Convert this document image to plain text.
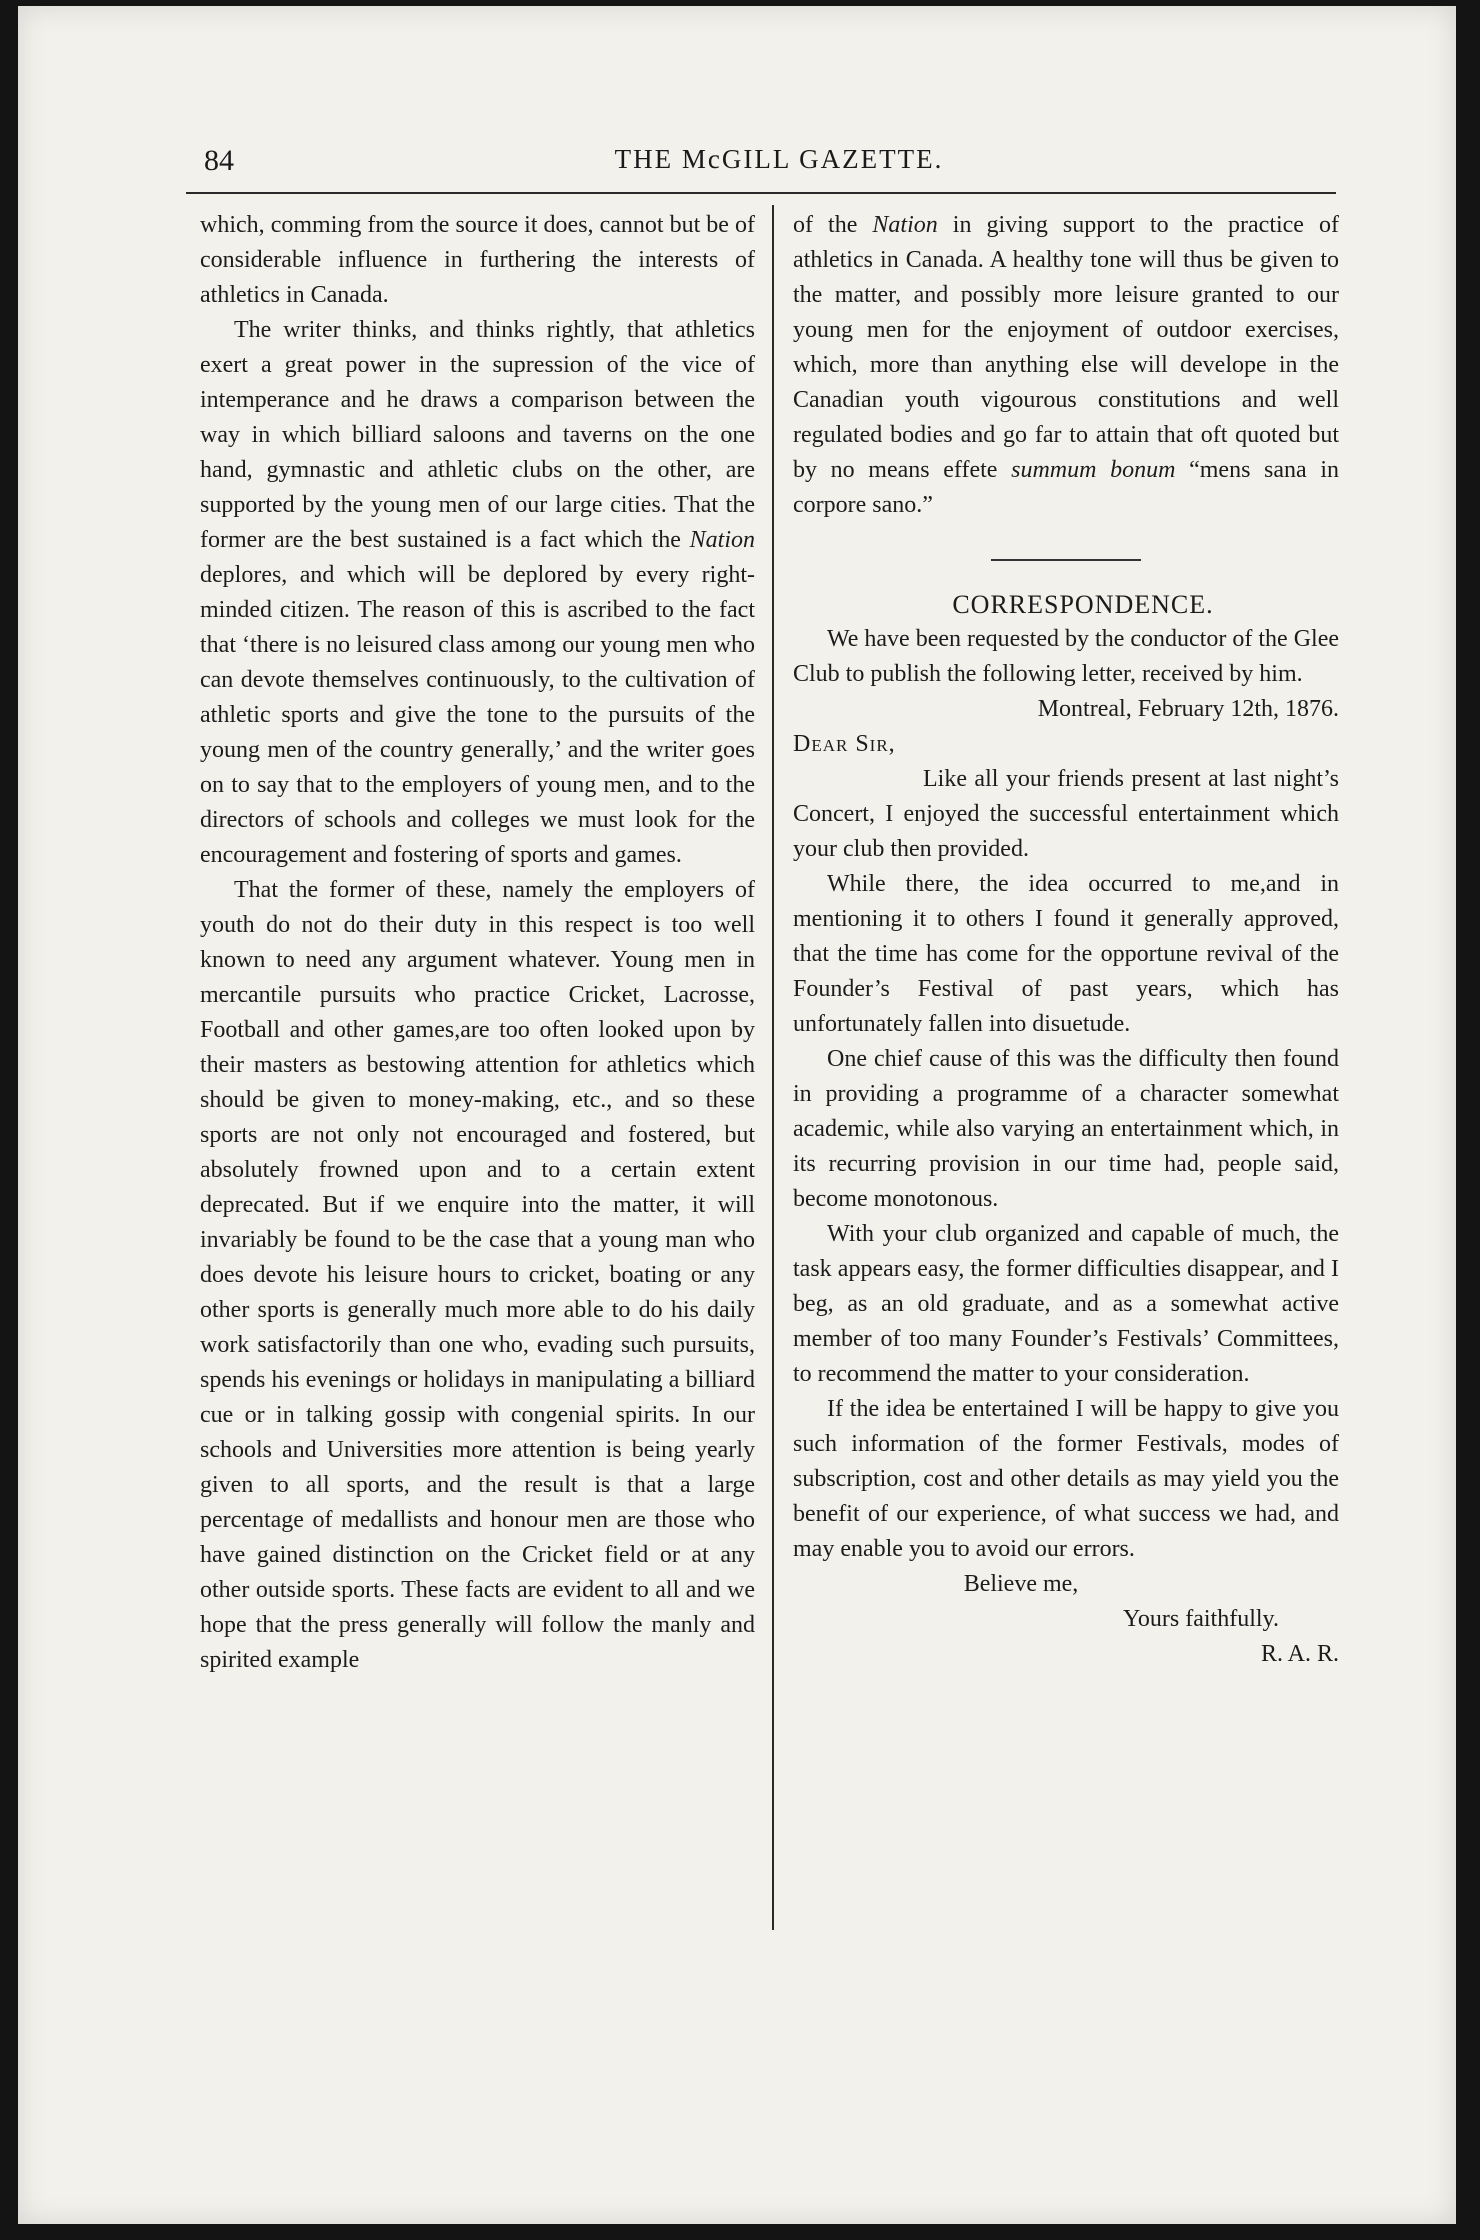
84	THE McGILL GAZETTE.

which, comming from the source it does, cannot but be of considerable influence in furthering the interests of athletics in Canada.

The writer thinks, and thinks rightly, that athletics exert a great power in the supression of the vice of intemperance and he draws a comparison between the way in which billiard saloons and taverns on the one hand, gymnastic and athletic clubs on the other, are supported by the young men of our large cities. That the former are the best sustained is a fact which the Nation deplores, and which will be deplored by every right-minded citizen. The reason of this is ascribed to the fact that ‘there is no leisured class among our young men who can devote themselves continuously, to the cultivation of athletic sports and give the tone to the pursuits of the young men of the country generally,’ and the writer goes on to say that to the employers of young men, and to the directors of schools and colleges we must look for the encouragement and fostering of sports and games.

That the former of these, namely the employers of youth do not do their duty in this respect is too well known to need any argument whatever. Young men in mercantile pursuits who practice Cricket, Lacrosse, Football and other games,are too often looked upon by their masters as bestowing attention for athletics which should be given to money-making, etc., and so these sports are not only not encouraged and fostered, but absolutely frowned upon and to a certain extent deprecated. But if we enquire into the matter, it will invariably be found to be the case that a young man who does devote his leisure hours to cricket, boating or any other sports is generally much more able to do his daily work satisfactorily than one who, evading such pursuits, spends his evenings or holidays in manipulating a billiard cue or in talking gossip with congenial spirits. In our schools and Universities more attention is being yearly given to all sports, and the result is that a large percentage of medallists and honour men are those who have gained distinction on the Cricket field or at any other outside sports. These facts are evident to all and we hope that the press generally will follow the manly and spirited example

of the Nation in giving support to the practice of athletics in Canada. A healthy tone will thus be given to the matter, and possibly more leisure granted to our young men for the enjoyment of outdoor exercises, which, more than anything else will develope in the Canadian youth vigourous constitutions and well regulated bodies and go far to attain that oft quoted but by no means effete summum bonum “mens sana in corpore sano.”

CORRESPONDENCE.

We have been requested by the conductor of the Glee Club to publish the following letter, received by him.

Montreal, February 12th, 1876.

Dear Sir,

Like all your friends present at last night’s Concert, I enjoyed the successful entertainment which your club then provided.

While there, the idea occurred to me,and in mentioning it to others I found it generally approved, that the time has come for the opportune revival of the Founder’s Festival of past years, which has unfortunately fallen into disuetude.

One chief cause of this was the difficulty then found in providing a programme of a character somewhat academic, while also varying an entertainment which, in its recurring provision in our time had, people said, become monotonous.

With your club organized and capable of much, the task appears easy, the former difficulties disappear, and I beg, as an old graduate, and as a somewhat active member of too many Founder’s Festivals’ Committees, to recommend the matter to your consideration.

If the idea be entertained I will be happy to give you such information of the former Festivals, modes of subscription, cost and other details as may yield you the benefit of our experience, of what success we had, and may enable you to avoid our errors.

Believe me,

Yours faithfully.

R. A. R.
